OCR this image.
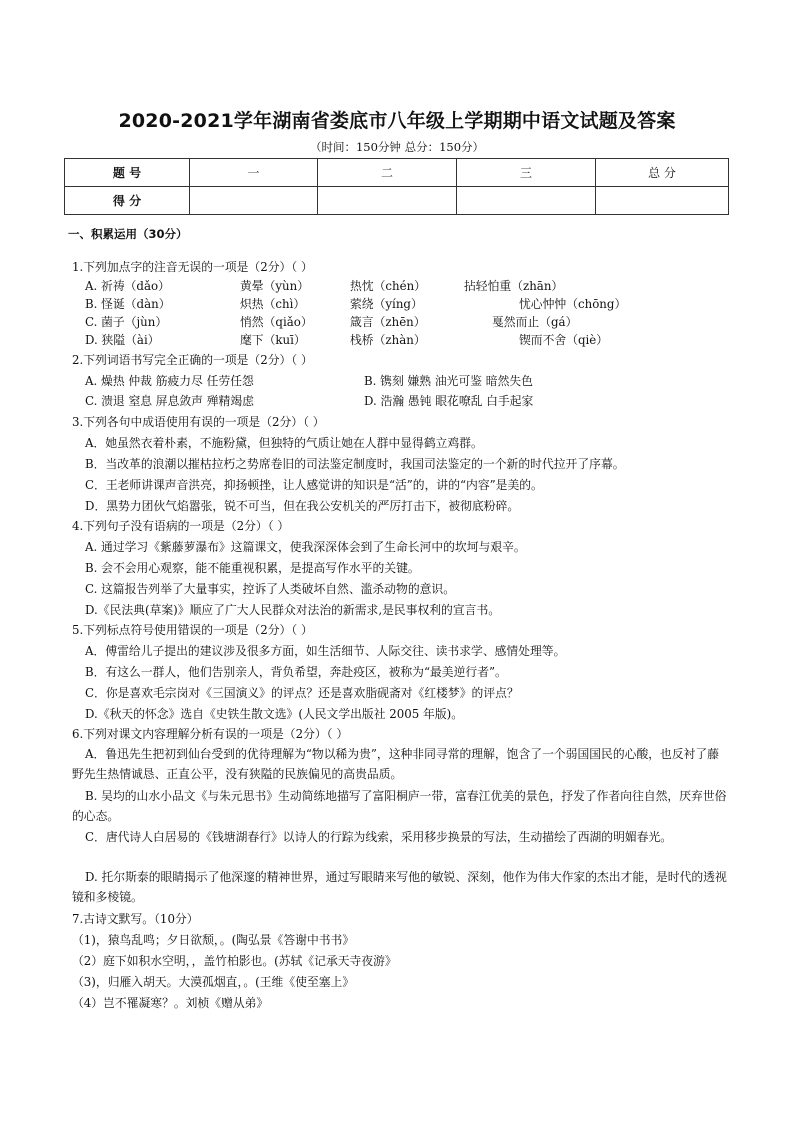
2020-2021学年湖南省娄底市八年级上学期期中语文试题及答案
（时间：150分钟 总分：150分）
题 号	一	二	三	总 分
得 分				
一、积累运用（30分）
1.下列加点字的注音无误的一项是（2分）（ ）
A. 祈祷（dǎo）	黄晕（yùn）	热忱（chén）	拈轻怕重（zhān）
B. 怪诞（dàn）	炽热（chì）	萦绕（yíng）	忧心忡忡（chōng）
C. 菌子（jùn）	悄然（qiǎo）	箴言（zhēn）	戛然而止（gá）
D. 狭隘（ài）	麾下（kuī）	栈桥（zhàn）	锲而不舍（qiè）
2.下列词语书写完全正确的一项是（2分）（ ）
A. 燥热 仲裁 筋疲力尽 任劳任怨	B. 镌刻 嫌熟 油光可鉴 暗然失色
C. 溃退 窒息 屏息敛声 殚精竭虑	D. 浩瀚 愚钝 眼花嘹乱 白手起家
3.下列各句中成语使用有误的一项是（2分）（ ）
A．她虽然衣着朴素，不施粉黛，但独特的气质让她在人群中显得鹤立鸡群。
B．当改革的浪潮以摧枯拉朽之势席卷旧的司法鉴定制度时，我国司法鉴定的一个新的时代拉开了序幕。
C．王老师讲课声音洪亮，抑扬顿挫，让人感觉讲的知识是“活”的，讲的“内容”是美的。
D．黑势力团伙气焰嚣张，锐不可当，但在我公安机关的严厉打击下，被彻底粉碎。
4.下列句子没有语病的一项是（2分）（ ）
A. 通过学习《紫藤萝瀑布》这篇课文，使我深深体会到了生命长河中的坎坷与艰辛。
B. 会不会用心观察，能不能重视积累，是提高写作水平的关键。
C. 这篇报告列举了大量事实，控诉了人类破坏自然、滥杀动物的意识。
D.《民法典(草案)》顺应了广大人民群众对法治的新需求,是民事权利的宣言书。
5.下列标点符号使用错误的一项是（2分）（ ）
A．傅雷给儿子提出的建议涉及很多方面，如生活细节、人际交往、读书求学、感情处理等。
B．有这么一群人，他们告别亲人，背负希望，奔赴疫区，被称为“最美逆行者”。
C．你是喜欢毛宗岗对《三国演义》的评点？还是喜欢脂砚斋对《红楼梦》的评点？
D.《秋天的怀念》选自《史铁生散文选》(人民文学出版社 2005 年版)。
6.下列对课文内容理解分析有误的一项是（2分）（ ）
A．鲁迅先生把初到仙台受到的优待理解为“物以稀为贵”，这种非同寻常的理解，饱含了一个弱国国民的心酸，也反衬了藤野先生热情诚恳、正直公平，没有狭隘的民族偏见的高贵品质。
B. 吴均的山水小品文《与朱元思书》生动简练地描写了富阳桐庐一带，富春江优美的景色，抒发了作者向往自然，厌弃世俗的心态。
C．唐代诗人白居易的《钱塘湖春行》以诗人的行踪为线索，采用移步换景的写法，生动描绘了西湖的明媚春光。
D. 托尔斯泰的眼睛揭示了他深邃的精神世界，通过写眼睛来写他的敏锐、深刻，他作为伟大作家的杰出才能，是时代的透视镜和多棱镜。
7.古诗文默写。（10分）
（1)，猿鸟乱鸣；夕日欲颓，。(陶弘景《答谢中书书》
（2）庭下如积水空明，，盖竹柏影也。(苏轼《记承天寺夜游》
（3)，归雁入胡天。大漠孤烟直，。(王维《使至塞上》
（4）岂不罹凝寒？。刘桢《赠从弟》
